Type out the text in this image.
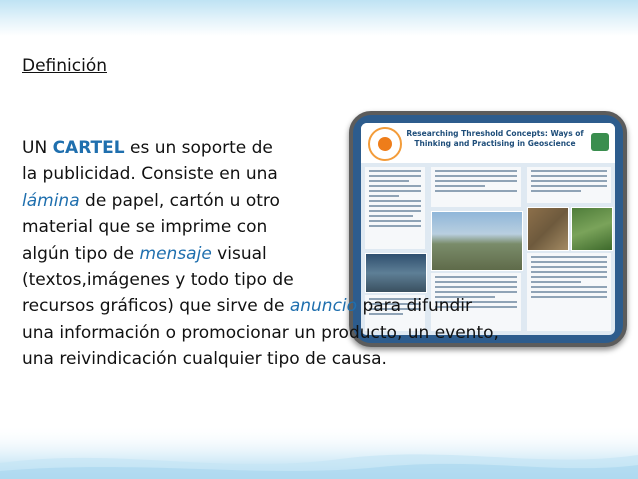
Definición
Researching Threshold Concepts: Ways of Thinking and Practising in Geoscience
UN CARTEL es un soporte de
la publicidad. Consiste en una
lámina de papel, cartón u otro
material que se imprime con
algún tipo de mensaje visual
(textos,imágenes y todo tipo de
recursos gráficos) que sirve de anuncio para difundir
una información o promocionar un producto, un evento,
una reivindicación cualquier tipo de causa.
